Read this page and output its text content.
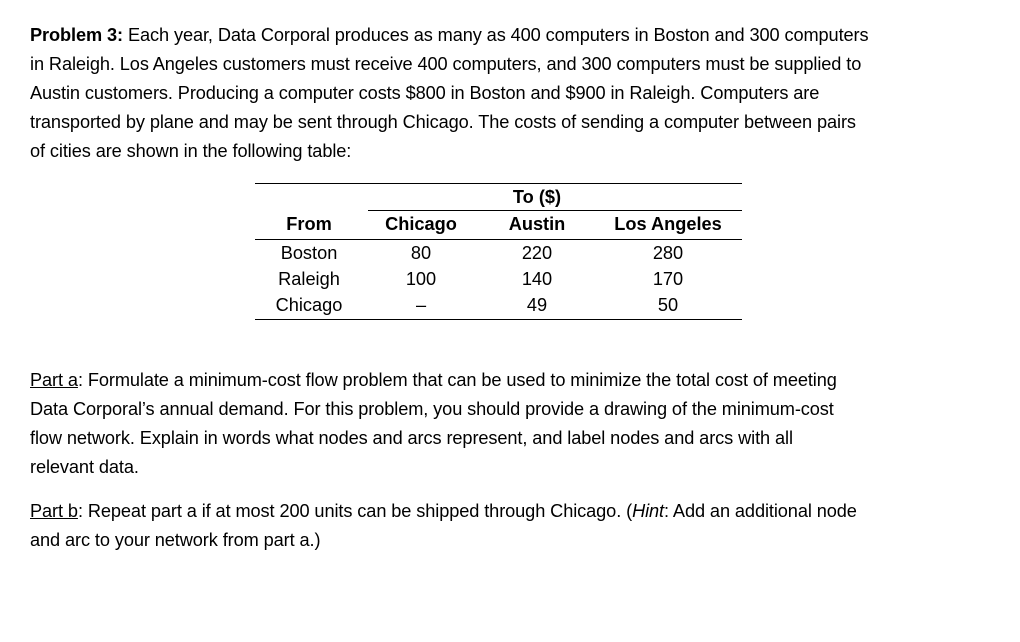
Problem 3: Each year, Data Corporal produces as many as 400 computers in Boston and 300 computers
in Raleigh. Los Angeles customers must receive 400 computers, and 300 computers must be supplied to
Austin customers. Producing a computer costs $800 in Boston and $900 in Raleigh. Computers are
transported by plane and may be sent through Chicago. The costs of sending a computer between pairs
of cities are shown in the following table:
To ($)
From	Chicago	Austin	Los Angeles
Boston	80	220	280
Raleigh	100	140	170
Chicago	–	49	50
Part a: Formulate a minimum-cost flow problem that can be used to minimize the total cost of meeting
Data Corporal’s annual demand. For this problem, you should provide a drawing of the minimum-cost
flow network. Explain in words what nodes and arcs represent, and label nodes and arcs with all
relevant data.
Part b: Repeat part a if at most 200 units can be shipped through Chicago. (Hint: Add an additional node
and arc to your network from part a.)
